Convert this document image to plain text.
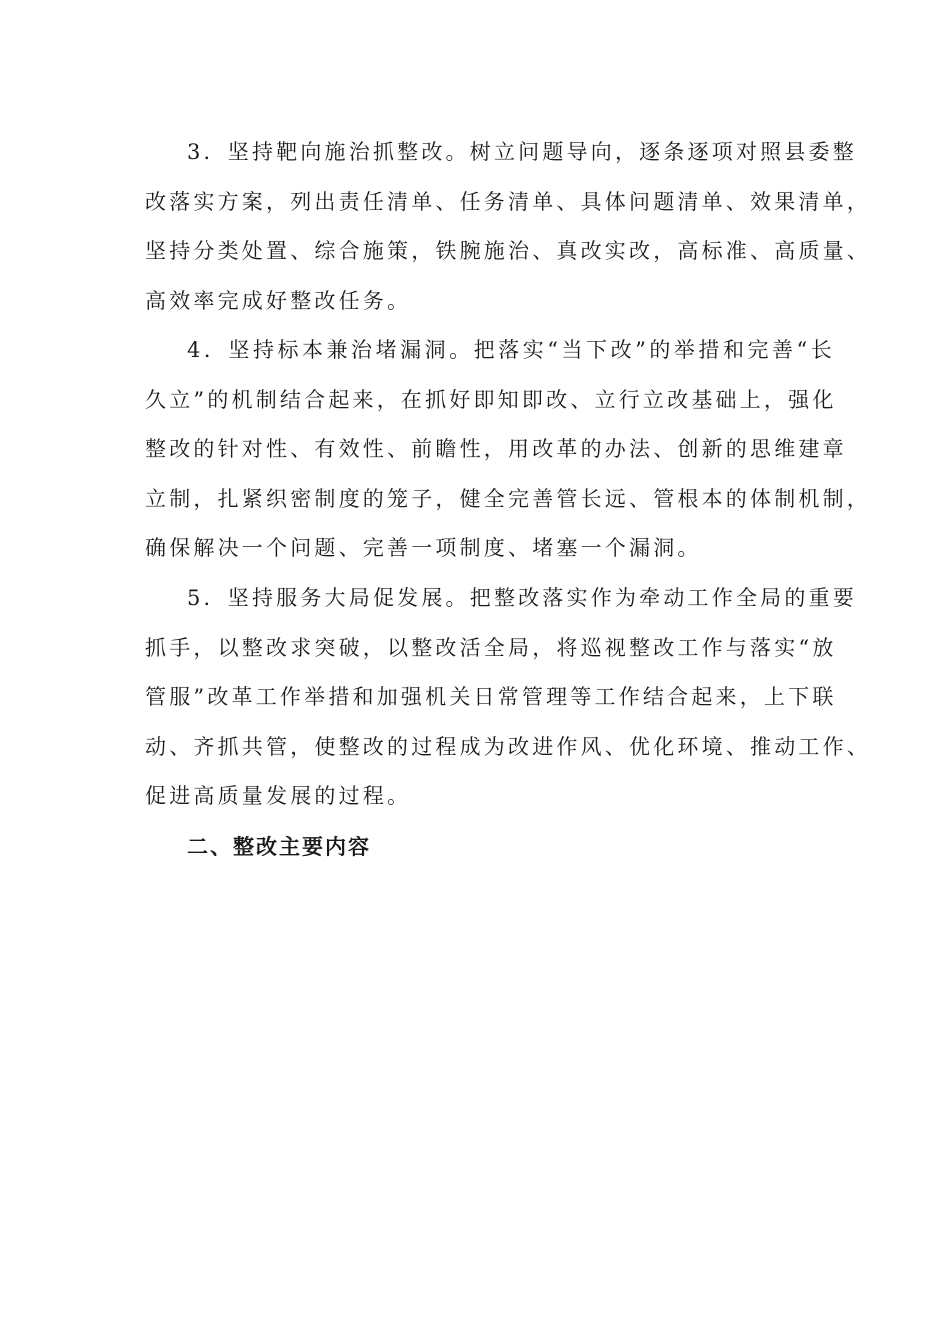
3．坚持靶向施治抓整改。树立问题导向，逐条逐项对照县委整
改落实方案，列出责任清单、任务清单、具体问题清单、效果清单，
坚持分类处置、综合施策，铁腕施治、真改实改，高标准、高质量、
高效率完成好整改任务。
4．坚持标本兼治堵漏洞。把落实“当下改”的举措和完善“长
久立”的机制结合起来，在抓好即知即改、立行立改基础上，强化
整改的针对性、有效性、前瞻性，用改革的办法、创新的思维建章
立制，扎紧织密制度的笼子，健全完善管长远、管根本的体制机制，
确保解决一个问题、完善一项制度、堵塞一个漏洞。
5．坚持服务大局促发展。把整改落实作为牵动工作全局的重要
抓手，以整改求突破，以整改活全局，将巡视整改工作与落实“放
管服”改革工作举措和加强机关日常管理等工作结合起来，上下联
动、齐抓共管，使整改的过程成为改进作风、优化环境、推动工作、
促进高质量发展的过程。
二、整改主要内容
